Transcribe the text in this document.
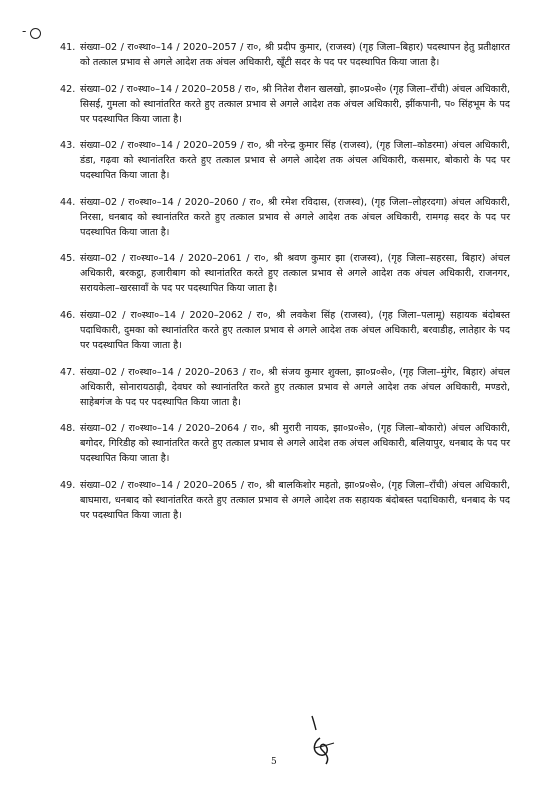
-
41. संख्या–02 / रा०स्था०–14 / 2020–2057 / रा०, श्री प्रदीप कुमार, (राजस्व) (गृह जिला–बिहार) पदस्थापन हेतु प्रतीक्षारत को तत्काल प्रभाव से अगले आदेश तक अंचल अधिकारी, खूँटी सदर के पद पर पदस्थापित किया जाता है।
42. संख्या–02 / रा०स्था०–14 / 2020–2058 / रा०, श्री नितेश रौशन खलखो, झा०प्र०से० (गृह जिला–राँची) अंचल अधिकारी, सिसई, गुमला को स्थानांतरित करते हुए तत्काल प्रभाव से अगले आदेश तक अंचल अधिकारी, झींकपानी, प० सिंहभूम के पद पर पदस्थापित किया जाता है।
43. संख्या–02 / रा०स्था०–14 / 2020–2059 / रा०, श्री नरेन्द्र कुमार सिंह (राजस्व), (गृह जिला–कोडरमा) अंचल अधिकारी, डंडा, गढ़वा को स्थानांतरित करते हुए तत्काल प्रभाव से अगले आदेश तक अंचल अधिकारी, कसमार, बोकारो के पद पर पदस्थापित किया जाता है।
44. संख्या–02 / रा०स्था०–14 / 2020–2060 / रा०, श्री रमेश रविदास, (राजस्व), (गृह जिला–लोहरदगा) अंचल अधिकारी, निरसा, धनबाद को स्थानांतरित करते हुए तत्काल प्रभाव से अगले आदेश तक अंचल अधिकारी, रामगढ़ सदर के पद पर पदस्थापित किया जाता है।
45. संख्या–02 / रा०स्था०–14 / 2020–2061 / रा०, श्री श्रवण कुमार झा (राजस्व), (गृह जिला–सहरसा, बिहार) अंचल अधिकारी, बरकट्ठा, हजारीबाग को स्थानांतरित करते हुए तत्काल प्रभाव से अगले आदेश तक अंचल अधिकारी, राजनगर, सरायकेला–खरसावाँ के पद पर पदस्थापित किया जाता है।
46. संख्या–02 / रा०स्था०–14 / 2020–2062 / रा०, श्री लवकेश सिंह (राजस्व), (गृह जिला–पलामू) सहायक बंदोबस्त पदाधिकारी, दुमका को स्थानांतरित करते हुए तत्काल प्रभाव से अगले आदेश तक अंचल अधिकारी, बरवाडीह, लातेहार के पद पर पदस्थापित किया जाता है।
47. संख्या–02 / रा०स्था०–14 / 2020–2063 / रा०, श्री संजय कुमार शुक्ला, झा०प्र०से०, (गृह जिला–मुंगेर, बिहार) अंचल अधिकारी, सोनारायठाढ़ी, देवघर को स्थानांतरित करते हुए तत्काल प्रभाव से अगले आदेश तक अंचल अधिकारी, मण्डरो, साहेबगंज के पद पर पदस्थापित किया जाता है।
48. संख्या–02 / रा०स्था०–14 / 2020–2064 / रा०, श्री मुरारी नायक, झा०प्र०से०, (गृह जिला–बोकारो) अंचल अधिकारी, बगोदर, गिरिडीह को स्थानांतरित करते हुए तत्काल प्रभाव से अगले आदेश तक अंचल अधिकारी, बलियापुर, धनबाद के पद पर पदस्थापित किया जाता है।
49. संख्या–02 / रा०स्था०–14 / 2020–2065 / रा०, श्री बालकिशोर महतो, झा०प्र०से०, (गृह जिला–राँची) अंचल अधिकारी, बाघमारा, धनबाद को स्थानांतरित करते हुए तत्काल प्रभाव से अगले आदेश तक सहायक बंदोबस्त पदाधिकारी, धनबाद के पद पर पदस्थापित किया जाता है।
5
